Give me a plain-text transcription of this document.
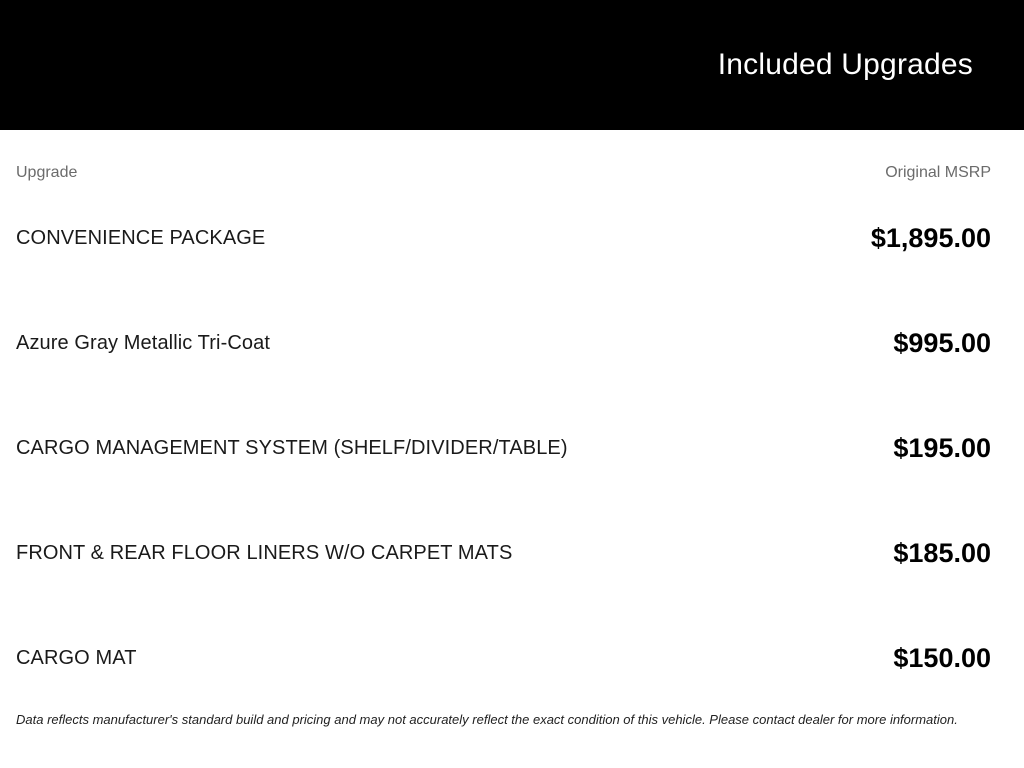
Included Upgrades
Upgrade	Original MSRP
CONVENIENCE PACKAGE	$1,895.00
Azure Gray Metallic Tri-Coat	$995.00
CARGO MANAGEMENT SYSTEM (SHELF/DIVIDER/TABLE)	$195.00
FRONT & REAR FLOOR LINERS W/O CARPET MATS	$185.00
CARGO MAT	$150.00
Data reflects manufacturer's standard build and pricing and may not accurately reflect the exact condition of this vehicle. Please contact dealer for more information.
